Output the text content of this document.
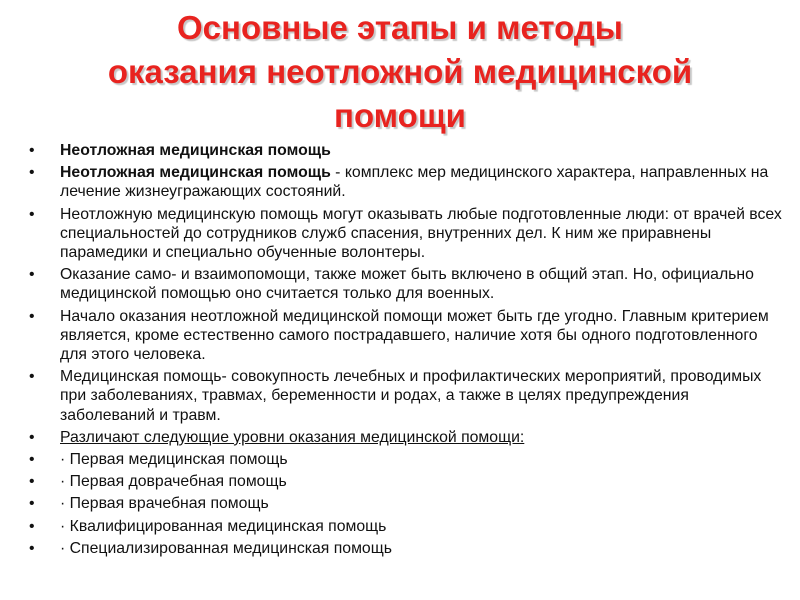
Основные этапы и методы
оказания неотложной медицинской
помощи
•	Неотложная медицинская помощь
•	Неотложная медицинская помощь - комплекс мер медицинского характера, направленных на лечение жизнеугражающих состояний.
•	Неотложную медицинскую помощь могут оказывать любые подготовленные люди: от врачей всех специальностей до сотрудников служб спасения, внутренних дел. К ним же приравнены парамедики и специально обученные волонтеры.
•	Оказание само- и взаимопомощи, также может быть включено в общий этап. Но, официально медицинской помощью оно считается только для военных.
•	Начало оказания неотложной медицинской помощи может быть где угодно. Главным критерием является, кроме естественно самого пострадавшего, наличие хотя бы одного подготовленного для этого человека.
•	Медицинская помощь- совокупность лечебных и профилактических мероприятий, проводимых при заболеваниях, травмах, беременности и родах, а также в целях предупреждения заболеваний и травм.
•	Различают следующие уровни оказания медицинской помощи:
•	· Первая медицинская помощь
•	· Первая доврачебная помощь
•	· Первая врачебная помощь
•	· Квалифицированная медицинская помощь
•	· Специализированная медицинская помощь
